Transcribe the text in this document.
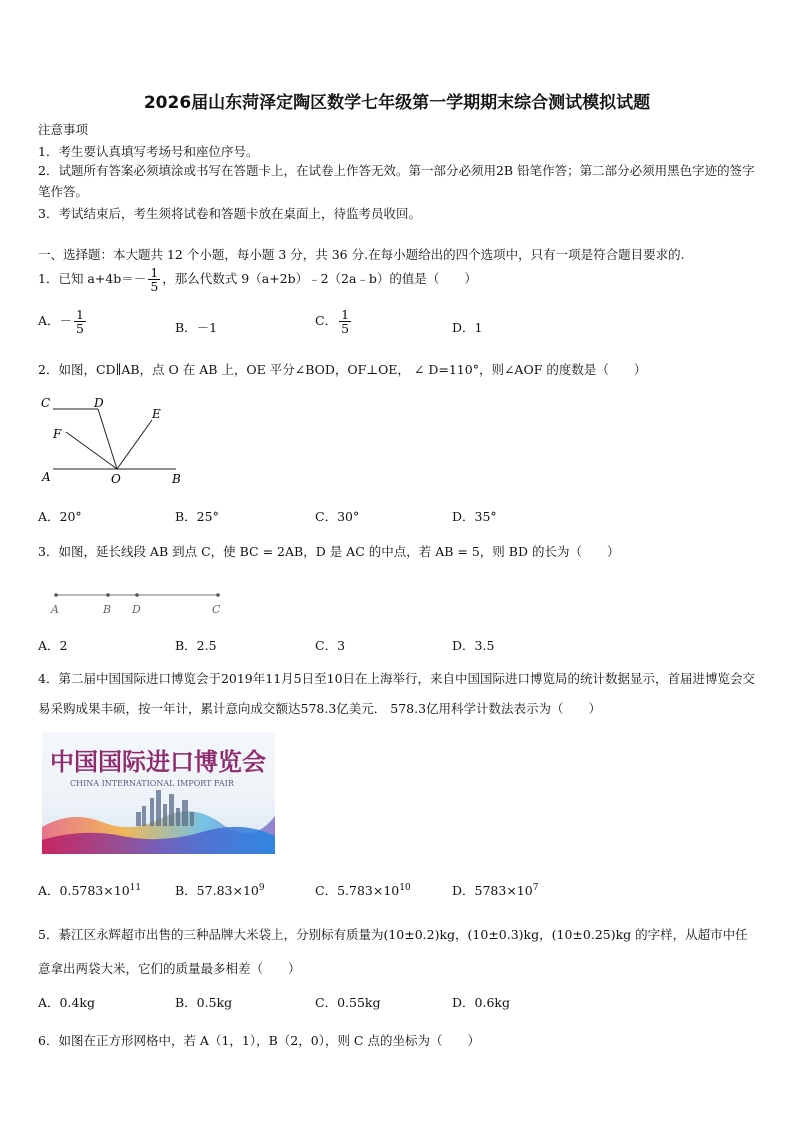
2026届山东菏泽定陶区数学七年级第一学期期末综合测试模拟试题
注意事项
1．考生要认真填写考场号和座位序号。
2．试题所有答案必须填涂或书写在答题卡上，在试卷上作答无效。第一部分必须用2B 铅笔作答；第二部分必须用黑色字迹的签字笔作答。
3．考试结束后，考生须将试卷和答题卡放在桌面上，待监考员收回。
一、选择题：本大题共 12 个小题，每小题 3 分，共 36 分.在每小题给出的四个选项中，只有一项是符合题目要求的.
1．已知 $a+4b=- \frac{1}{5}$ ，那么代数式 9（a+2b）﹣2（2a﹣b）的值是（　　）
A．－ $\frac{1}{5}$	B．－1	C． $\frac{1}{5}$	D．1
2．如图，CD∥AB，点 O 在 AB 上，OE 平分∠BOD，OF⊥OE， ∠ D=110°，则∠AOF 的度数是（　　）
C	D
E
F
A	O	B
A．20°	B．25°	C．30°	D．35°
3．如图，延长线段 AB 到点 C，使 BC = 2AB，D 是 AC 的中点，若 AB = 5，则 BD 的长为（　　）
A	B D	C
A．2	B．2.5	C．3	D．3.5
4．第二届中国国际进口博览会于2019年11月5日至10日在上海举行，来自中国国际进口博览局的统计数据显示，首届进博览会交易采购成果丰硕，按一年计，累计意向成交额达578.3亿美元． 578.3亿用科学计数法表示为（　　）
中国国际进口博览会
CHINA INTERNATIONAL IMPORT FAIR
A．$0.5783\times 10^{11}$	B．$57.83\times 10^9$	C．$5.783\times 10^{10}$	D．$5783\times 10^7$
5．綦江区永辉超市出售的三种品牌大米袋上，分别标有质量为(10±0.2)kg，(10±0.3)kg，(10±0.25)kg 的字样，从超市中任意拿出两袋大米，它们的质量最多相差（　　）
A．0.4kg	B．0.5kg	C．0.55kg	D．0.6kg
6．如图在正方形网格中，若 A（1，1），B（2，0），则 C 点的坐标为（　　）
